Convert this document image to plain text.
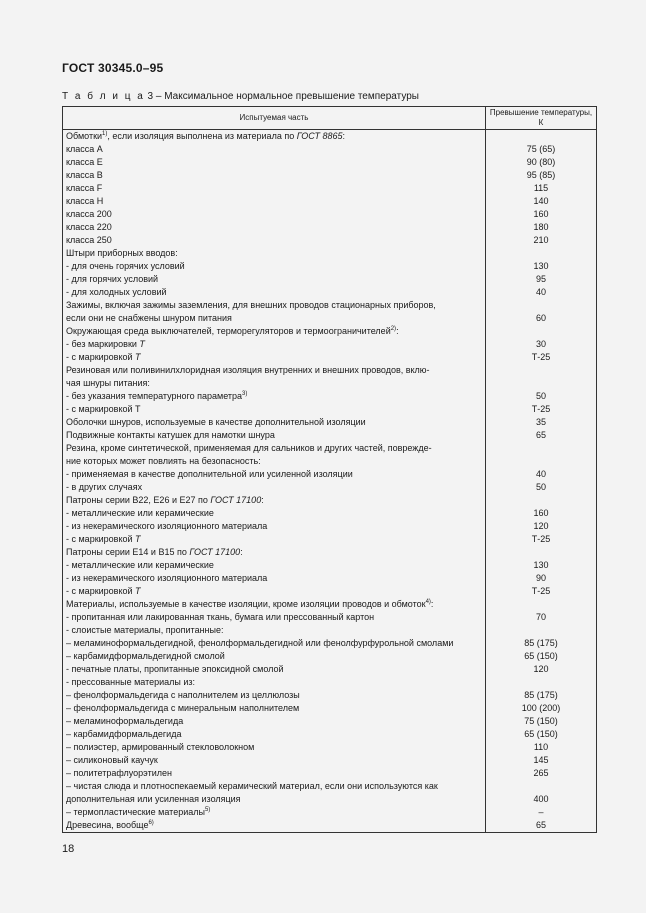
ГОСТ 30345.0–95
Т а б л и ц а 3 – Максимальное нормальное превышение температуры
Испытуемая часть	Превышение температуры, К
Обмотки$^{1)}$, если изоляция выполнена из материала по ГОСТ 8865:	
класса А	75 (65)
класса Е	90 (80)
класса В	95 (85)
класса F	115
класса Н	140
класса 200	160
класса 220	180
класса 250	210
Штыри приборных вводов:	
- для очень горячих условий	130
- для горячих условий	95
- для холодных условий	40
Зажимы, включая зажимы заземления, для внешних проводов стационарных приборов,	
если они не снабжены шнуром питания	60
Окружающая среда выключателей, терморегуляторов и термоограничителей$^{2)}$:	
- без маркировки Т	30
- с маркировкой Т	Т-25
Резиновая или поливинилхлоридная изоляция внутренних и внешних проводов, вклю-	
чая шнуры питания:	
- без указания температурного параметра$^{3)}$	50
- с маркировкой Т	Т-25
Оболочки шнуров, используемые в качестве дополнительной изоляции	35
Подвижные контакты катушек для намотки шнура	65
Резина, кроме синтетической, применяемая для сальников и других частей, поврежде-	
ние которых может повлиять на безопасность:	
- применяемая в качестве дополнительной или усиленной изоляции	40
- в других случаях	50
Патроны серии В22, Е26 и Е27 по ГОСТ 17100:	
- металлические или керамические	160
- из некерамического изоляционного материала	120
- с маркировкой Т	Т-25
Патроны серии Е14 и В15 по ГОСТ 17100:	
- металлические или керамические	130
- из некерамического изоляционного материала	90
- с маркировкой Т	Т-25
Материалы, используемые в качестве изоляции, кроме изоляции проводов и обмоток$^{4)}$:	
- пропитанная или лакированная ткань, бумага или прессованный картон	70
- слоистые материалы, пропитанные:	
– меламиноформальдегидной, фенолформальдегидной или фенолфурфурольной смолами	85 (175)
– карбамидформальдегидной смолой	65 (150)
- печатные платы, пропитанные эпоксидной смолой	120
- прессованные материалы из:	
– фенолформальдегида с наполнителем из целлюлозы	85 (175)
– фенолформальдегида с минеральным наполнителем	100 (200)
– меламиноформальдегида	75 (150)
– карбамидформальдегида	65 (150)
– полиэстер, армированный стекловолокном	110
– силиконовый каучук	145
– политетрафлуорэтилен	265
– чистая слюда и плотноспекаемый керамический материал, если они используются как	
дополнительная или усиленная изоляция	400
– термопластические материалы$^{5)}$	–
Древесина, вообще$^{6)}$	65
18
